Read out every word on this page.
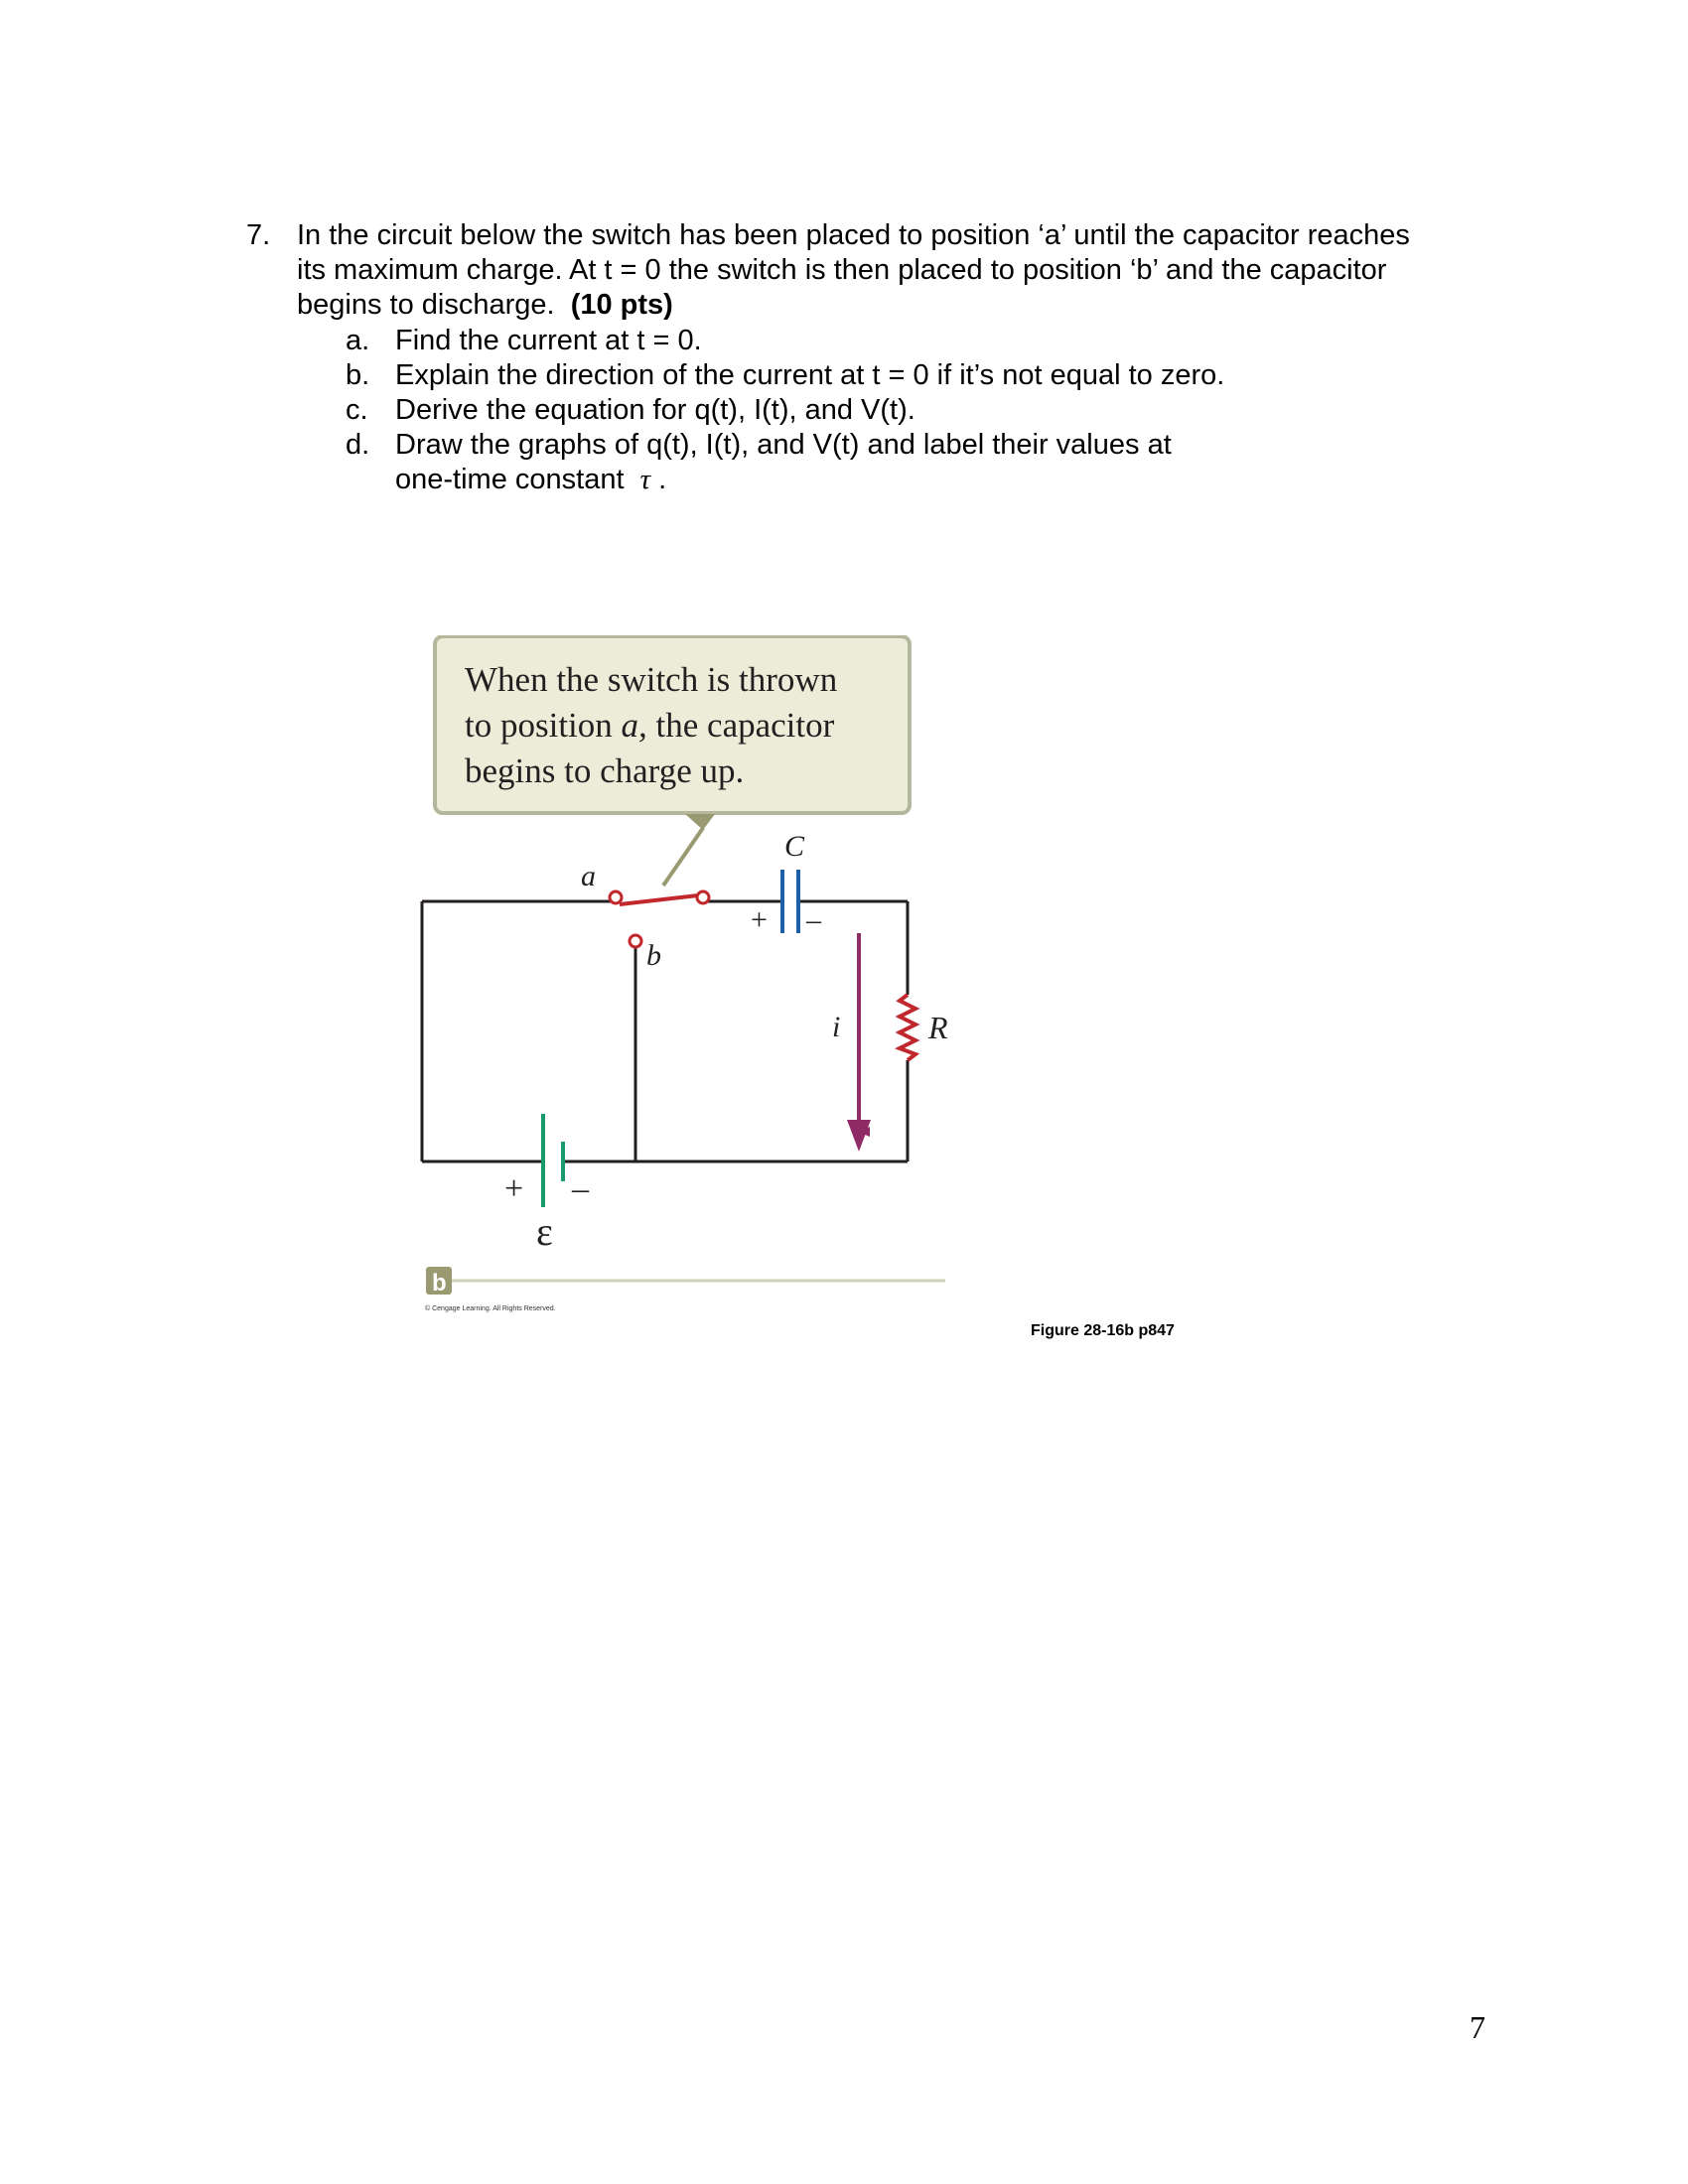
7. In the circuit below the switch has been placed to position ‘a’ until the capacitor reaches
its maximum charge. At t = 0 the switch is then placed to position ‘b’ and the capacitor
begins to discharge. (10 pts)
a. Find the current at t = 0.
b. Explain the direction of the current at t = 0 if it’s not equal to zero.
c. Derive the equation for q(t), I(t), and V(t).
d. Draw the graphs of q(t), I(t), and V(t) and label their values at
one-time constant τ .
a
b
C
R
i
+ –
+ –
ε
b
© Cengage Learning. All Rights Reserved.
When the switch is thrown
to position a, the capacitor
begins to charge up.
Figure 28-16b p847
7
